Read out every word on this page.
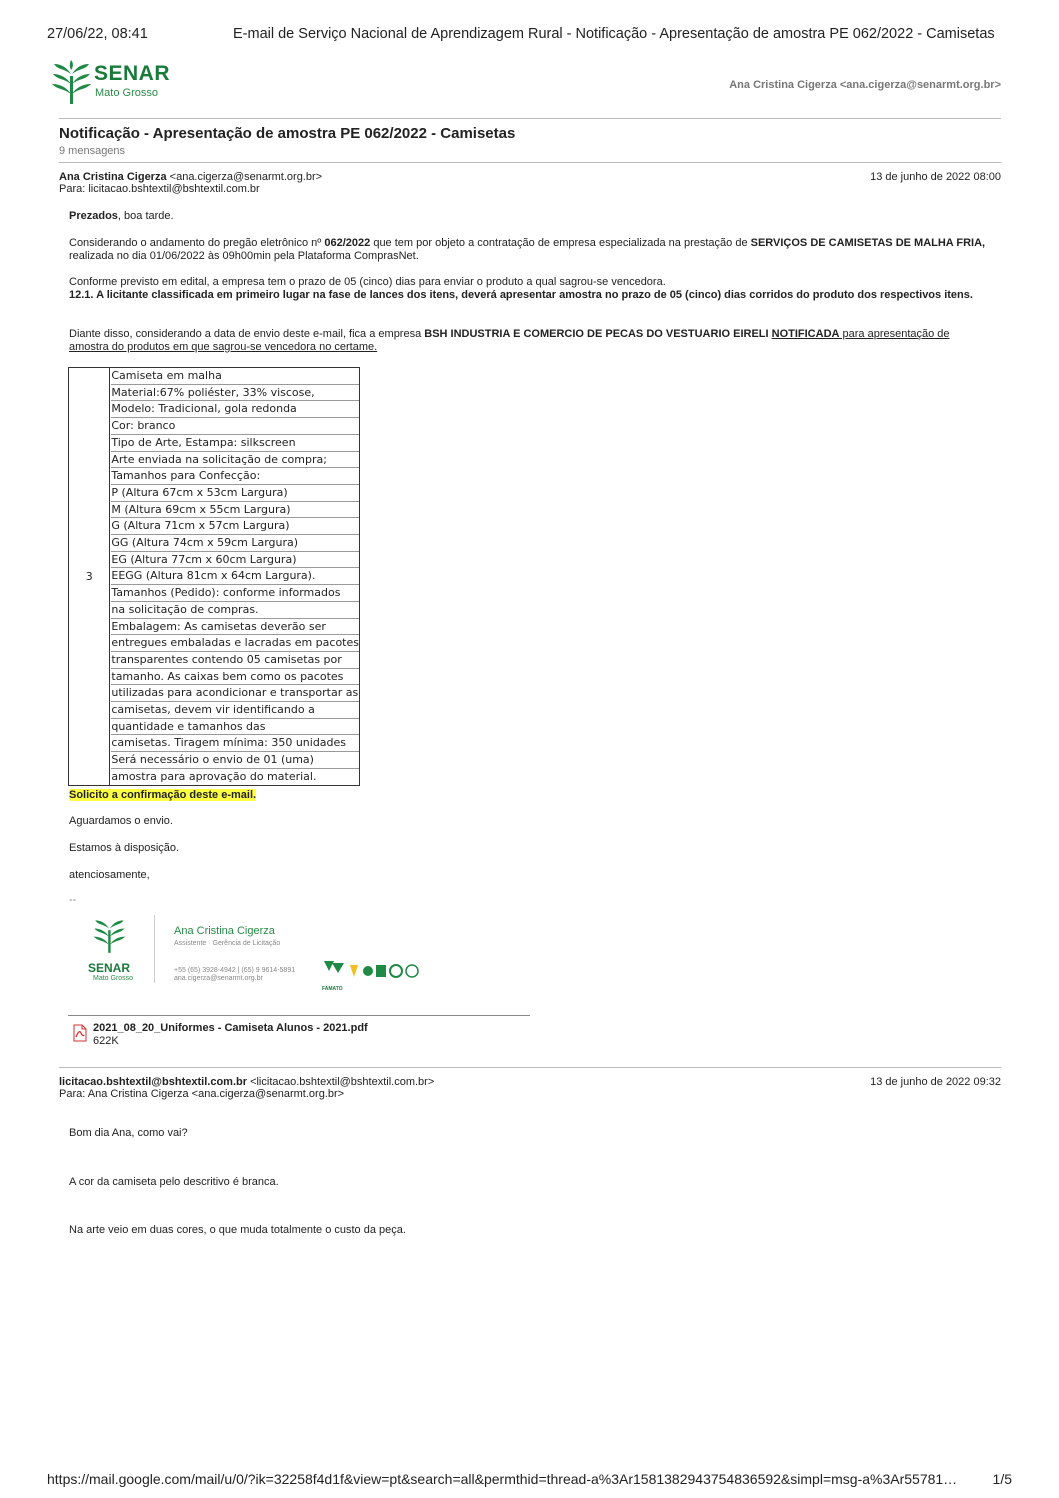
27/06/22, 08:41	E-mail de Serviço Nacional de Aprendizagem Rural - Notificação - Apresentação de amostra PE 062/2022 - Camisetas
SENAR
Mato Grosso
Ana Cristina Cigerza <ana.cigerza@senarmt.org.br>
Notificação - Apresentação de amostra PE 062/2022 - Camisetas
9 mensagens
Ana Cristina Cigerza <ana.cigerza@senarmt.org.br>
Para: licitacao.bshtextil@bshtextil.com.br
13 de junho de 2022 08:00
Prezados, boa tarde.
Considerando o andamento do pregão eletrônico nº 062/2022 que tem por objeto a contratação de empresa especializada na prestação de SERVIÇOS DE CAMISETAS DE MALHA FRIA, realizada no dia 01/06/2022 às 09h00min pela Plataforma ComprasNet.
Conforme previsto em edital, a empresa tem o prazo de 05 (cinco) dias para enviar o produto a qual sagrou-se vencedora.
12.1. A licitante classificada em primeiro lugar na fase de lances dos itens, deverá apresentar amostra no prazo de 05 (cinco) dias corridos do produto dos respectivos itens.
Diante disso, considerando a data de envio deste e-mail, fica a empresa BSH INDUSTRIA E COMERCIO DE PECAS DO VESTUARIO EIRELI NOTIFICADA para apresentação de amostra do produtos em que sagrou-se vencedora no certame.
3	
Camiseta em malha
Material:67% poliéster, 33% viscose,
Modelo: Tradicional, gola redonda
Cor: branco
Tipo de Arte, Estampa: silkscreen
Arte enviada na solicitação de compra;
Tamanhos para Confecção:
P (Altura 67cm x 53cm Largura)
M (Altura 69cm x 55cm Largura)
G (Altura 71cm x 57cm Largura)
GG (Altura 74cm x 59cm Largura)
EG (Altura 77cm x 60cm Largura)
EEGG (Altura 81cm x 64cm Largura).
Tamanhos (Pedido): conforme informados
na solicitação de compras.
Embalagem: As camisetas deverão ser
entregues embaladas e lacradas em pacotes
transparentes contendo 05 camisetas por
tamanho. As caixas bem como os pacotes
utilizadas para acondicionar e transportar as
camisetas, devem vir identificando a
quantidade e tamanhos das
camisetas. Tiragem mínima: 350 unidades
Será necessário o envio de 01 (uma)
amostra para aprovação do material.
Solicito a confirmação deste e-mail.
Aguardamos o envio.
Estamos à disposição.
atenciosamente,
--
SENAR
Mato Grosso
Ana Cristina Cigerza
Assistente · Gerência de Licitação
+55 (65) 3928-4942 | (65) 9 9614-5891
ana.cigerza@senarmt.org.br
FAMATO
2021_08_20_Uniformes - Camiseta Alunos - 2021.pdf
622K
licitacao.bshtextil@bshtextil.com.br <licitacao.bshtextil@bshtextil.com.br>
Para: Ana Cristina Cigerza <ana.cigerza@senarmt.org.br>
13 de junho de 2022 09:32
Bom dia Ana, como vai?
A cor da camiseta pelo descritivo é branca.
Na arte veio em duas cores, o que muda totalmente o custo da peça.
https://mail.google.com/mail/u/0/?ik=32258f4d1f&view=pt&search=all&permthid=thread-a%3Ar1581382943754836592&simpl=msg-a%3Ar55781…	1/5
